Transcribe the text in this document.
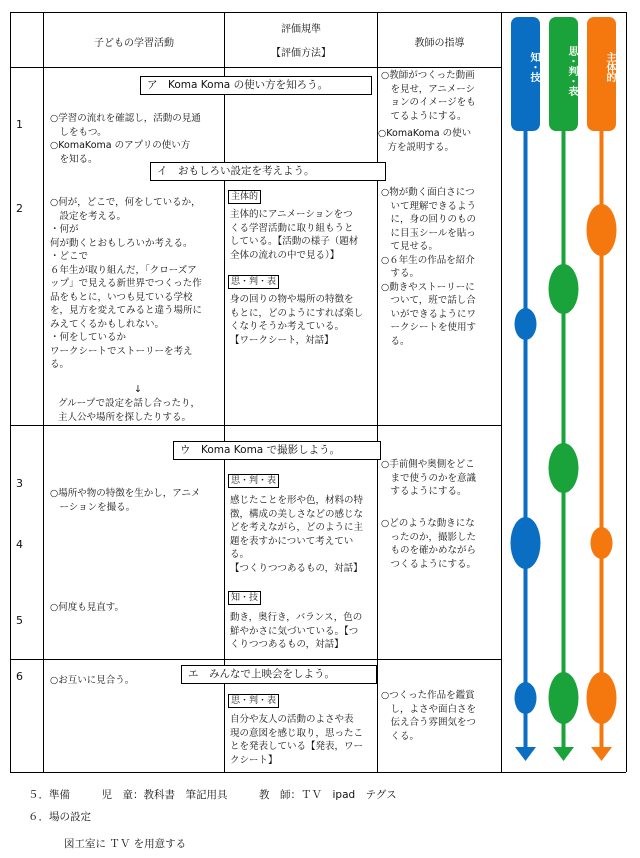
子どもの学習活動
評価規準
【評価方法】
教師の指導
知・技	思・判・表	主体的
1
2
3
4
5
6
ア　Koma Koma の使い方を知ろう。
イ　おもしろい設定を考えよう。
ウ　Koma Koma で撮影しよう。
エ　みんなで上映会をしよう。
○学習の流れを確認し，活動の見通
　しをもつ。
○KomaKoma のアプリの使い方
　を知る。
○何が，どこで，何をしているか，
　設定を考える。
・何が
何が動くとおもしろいか考える。
・どこで
６年生が取り組んだ，「クローズア
ップ」で見える新世界でつくった作
品をもとに，いつも見ている学校
を，見方を変えてみると違う場所に
みえてくるかもしれない。
・何をしているか
ワークシートでストーリーを考え
る。
↓
グループで設定を話し合ったり，
主人公や場所を探したりする。
○場所や物の特徴を生かし，アニメ
　ーションを撮る。
○何度も見直す。
○お互いに見合う。
主体的
主体的にアニメーションをつ
くる学習活動に取り組もうと
している。【活動の様子（題材
全体の流れの中で見る）】
思・判・表
身の回りの物や場所の特徴を
もとに，どのようにすれば楽し
くなりそうか考えている。
【ワークシート，対話】
思・判・表
感じたことを形や色，材料の特
徴，構成の美しさなどの感じな
どを考えながら，どのように主
題を表すかについて考えてい
る。
【つくりつつあるもの，対話】
知・技
動き，奥行き，バランス，色の
鮮やかさに気づいている。【つ
くりつつあるもの，対話】
思・判・表
自分や友人の活動のよさや表
現の意図を感じ取り，思ったこ
とを発表している【発表，ワー
クシート】
○教師がつくった動画
　を見せ，アニメーシ
　ョンのイメージをも
　てるようにする。
○KomaKoma の使い
　方を説明する。
○物が動く面白さにつ
　いて理解できるよう
　に，身の回りのもの
　に目玉シールを貼っ
　て見せる。
○６年生の作品を紹介
　する。
○動きやストーリーに
　ついて，班で話し合
　いができるようにワ
　ークシートを使用す
　る。
○手前側や奥側をどこ
　まで使うのかを意識
　するようにする。
○どのような動きにな
　ったのか，撮影した
　ものを確かめながら
　つくるようにする。
○つくった作品を鑑賞
　し，よさや面白さを
　伝え合う雰囲気をつ
　くる。
５．準備　　　児　童：教科書　筆記用具　　　教　師：ＴＶ　ipad　テグス
６．場の設定
図工室に ＴＶ を用意する
